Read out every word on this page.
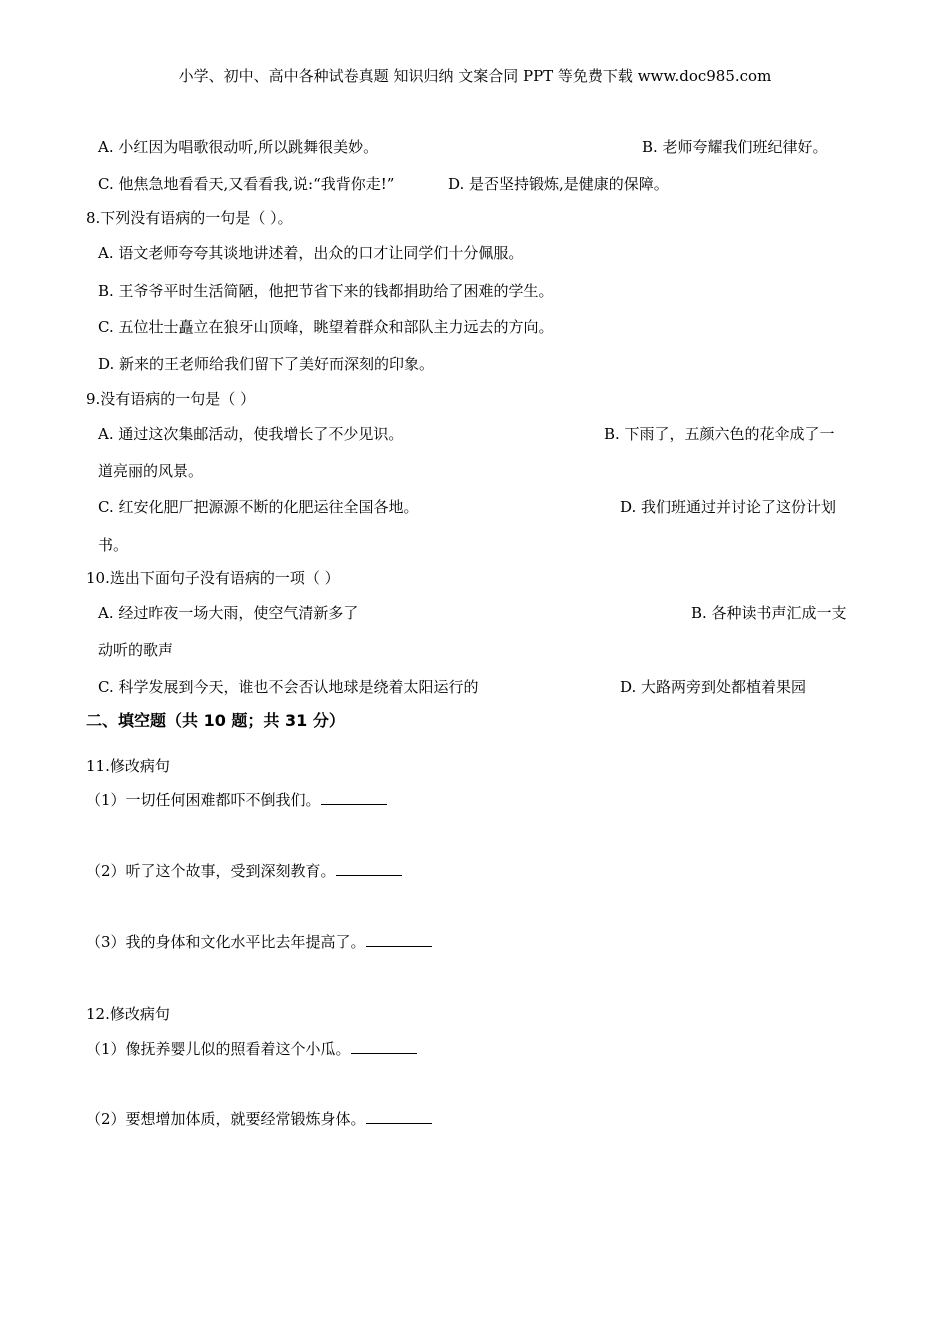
小学、初中、高中各种试卷真题 知识归纳 文案合同 PPT 等免费下载 www.doc985.com
A. 小红因为唱歌很动听,所以跳舞很美妙。	B. 老师夸耀我们班纪律好。
C. 他焦急地看看天,又看看我,说:“我背你走!”	D. 是否坚持锻炼,是健康的保障。
8.下列没有语病的一句是（ ）。
A. 语文老师夸夸其谈地讲述着，出众的口才让同学们十分佩服。
B. 王爷爷平时生活简陋，他把节省下来的钱都捐助给了困难的学生。
C. 五位壮士矗立在狼牙山顶峰，眺望着群众和部队主力远去的方向。
D. 新来的王老师给我们留下了美好而深刻的印象。
9.没有语病的一句是（ ）
A. 通过这次集邮活动，使我增长了不少见识。	B. 下雨了，五颜六色的花伞成了一
道亮丽的风景。
C. 红安化肥厂把源源不断的化肥运往全国各地。	D. 我们班通过并讨论了这份计划
书。
10.选出下面句子没有语病的一项（ ）
A. 经过昨夜一场大雨，使空气清新多了	B. 各种读书声汇成一支
动听的歌声
C. 科学发展到今天，谁也不会否认地球是绕着太阳运行的	D. 大路两旁到处都植着果园
二、填空题（共 10 题；共 31 分）
11.修改病句
（1）一切任何困难都吓不倒我们。
（2）听了这个故事，受到深刻教育。
（3）我的身体和文化水平比去年提高了。
12.修改病句
（1）像抚养婴儿似的照看着这个小瓜。
（2）要想增加体质，就要经常锻炼身体。
